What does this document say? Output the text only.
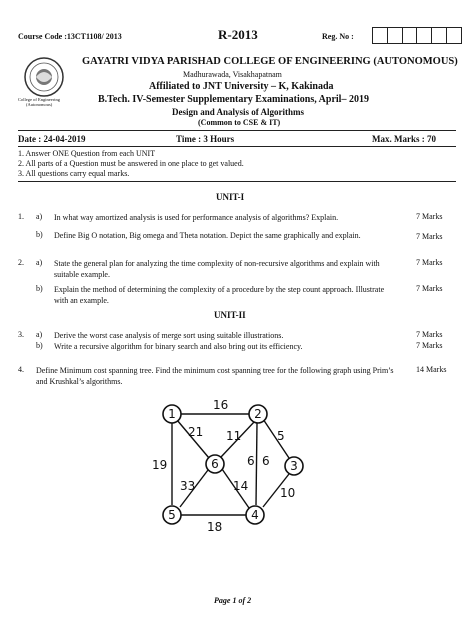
Course Code :13CT1108/ 2013	R-2013	Reg. No :
College of Engineering
(Autonomous)
GAYATRI VIDYA PARISHAD COLLEGE OF ENGINEERING (AUTONOMOUS)
Madhurawada, Visakhapatnam
Affiliated to JNT University – K, Kakinada
B.Tech. IV-Semester Supplementary Examinations, April– 2019
Design and Analysis of Algorithms
(Common to CSE & IT)
Date : 24-04-2019	Time : 3 Hours	Max. Marks : 70
1. Answer ONE Question from each UNIT
2. All parts of a Question must be answered in one place to get valued.
3. All questions carry equal marks.
UNIT-I
1. a) In what way amortized analysis is used for performance analysis of algorithms? Explain.	7 Marks
b) Define Big O notation, Big omega and Theta notation. Depict the same graphically and explain.	7 Marks
2. a) State the general plan for analyzing the time complexity of non-recursive algorithms and explain with suitable example.
7 Marks
b) Explain the method of determining the complexity of a procedure by the step count approach. Illustrate with an example.
7 Marks
UNIT-II
3. a) Derive the worst case analysis of merge sort using suitable illustrations.	7 Marks
b) Write a recursive algorithm for binary search and also bring out its efficiency.	7 Marks
4. Define Minimum cost spanning tree. Find the minimum cost spanning tree for the following graph using Prim’s and Krushkal’s algorithms.
14 Marks
1	2
3
4
5
6
16
21 11	5
19	6
33	14	10
18
6
Page 1 of 2
